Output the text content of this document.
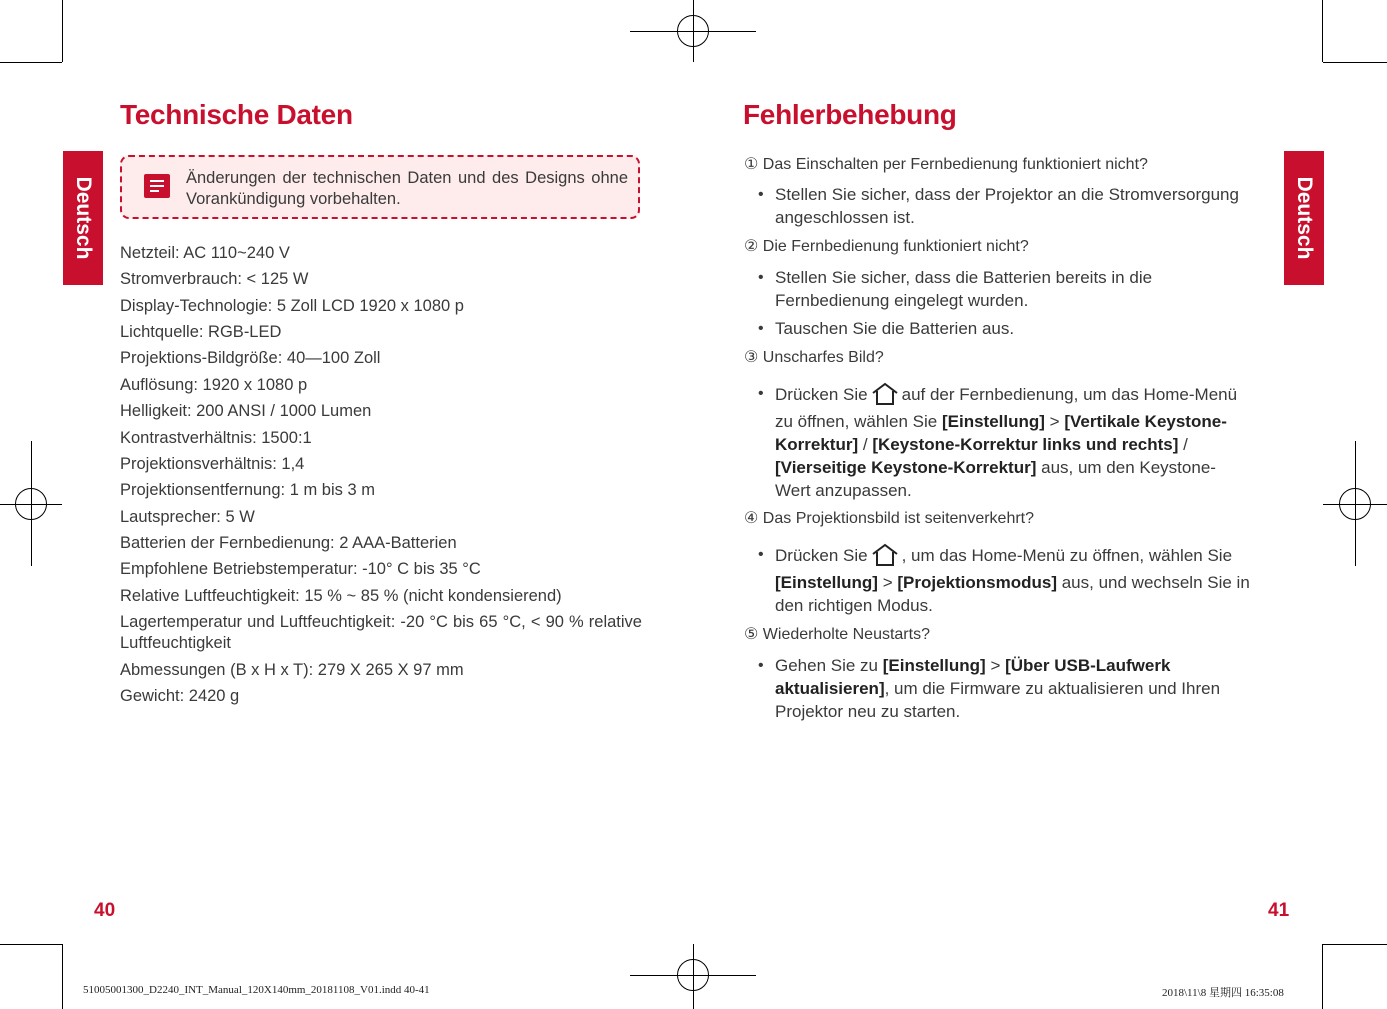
Technische Daten
Deutsch	Änderungen der technischen Daten und des Designs ohne Vorankündigung vorbehalten.
Netzteil: AC 110~240 V
Stromverbrauch: < 125 W
Display-Technologie: 5 Zoll LCD 1920 x 1080 p
Lichtquelle: RGB-LED
Projektions-Bildgröße: 40—100 Zoll
Auflösung: 1920 x 1080 p
Helligkeit: 200 ANSI / 1000 Lumen
Kontrastverhältnis: 1500:1
Projektionsverhältnis: 1,4
Projektionsentfernung: 1 m bis 3 m
Lautsprecher: 5 W
Batterien der Fernbedienung: 2 AAA-Batterien
Empfohlene Betriebstemperatur: -10° C bis 35 °C
Relative Luftfeuchtigkeit: 15 % ~ 85 % (nicht kondensierend)
Lagertemperatur und Luftfeuchtigkeit: -20 °C bis 65 °C, < 90 % relative Luftfeuchtigkeit
Abmessungen (B x H x T): 279 X 265 X 97 mm
Gewicht: 2420 g
40
Fehlerbehebung
Deutsch
① Das Einschalten per Fernbedienung funktioniert nicht?
• Stellen Sie sicher, dass der Projektor an die Stromversorgung
angeschlossen ist.
② Die Fernbedienung funktioniert nicht?
• Stellen Sie sicher, dass die Batterien bereits in die
Fernbedienung eingelegt wurden.
• Tauschen Sie die Batterien aus.
③ Unscharfes Bild?
• Drücken Sie auf der Fernbedienung, um das Home-Menü
zu öffnen, wählen Sie [Einstellung] > [Vertikale Keystone-
Korrektur] / [Keystone-Korrektur links und rechts] /
[Vierseitige Keystone-Korrektur] aus, um den Keystone-
Wert anzupassen.
④ Das Projektionsbild ist seitenverkehrt?
• Drücken Sie , um das Home-Menü zu öffnen, wählen Sie
[Einstellung] > [Projektionsmodus] aus, und wechseln Sie in
den richtigen Modus.
⑤ Wiederholte Neustarts?
• Gehen Sie zu [Einstellung] > [Über USB-Laufwerk
aktualisieren], um die Firmware zu aktualisieren und Ihren
Projektor neu zu starten.
41
51005001300_D2240_INT_Manual_120X140mm_20181108_V01.indd 40-41	2018\11\8 星期四 16:35:08
